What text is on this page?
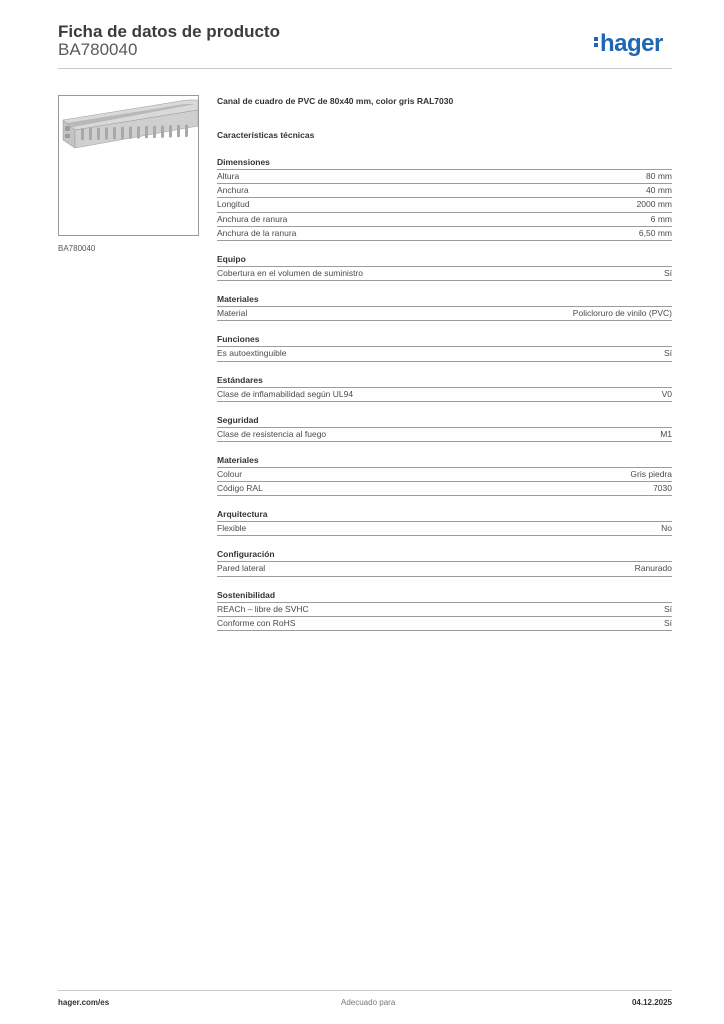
Ficha de datos de producto
BA780040	hager
BA780040
Canal de cuadro de PVC de 80x40 mm, color gris RAL7030
Características técnicas
Dimensiones
Altura	80 mm
Anchura	40 mm
Longitud	2000 mm
Anchura de ranura	6 mm
Anchura de la ranura	6,50 mm
Equipo
Cobertura en el volumen de suministro	Sí
Materiales
Material	Policloruro de vinilo (PVC)
Funciones
Es autoextinguible	Sí
Estándares
Clase de inflamabilidad según UL94	V0
Seguridad
Clase de resistencia al fuego	M1
Materiales
Colour	Gris piedra
Código RAL	7030
Arquitectura
Flexible	No
Configuración
Pared lateral	Ranurado
Sostenibilidad
REACh – libre de SVHC	Sí
Conforme con RoHS	Sí
hager.com/es	Adecuado para	04.12.2025
